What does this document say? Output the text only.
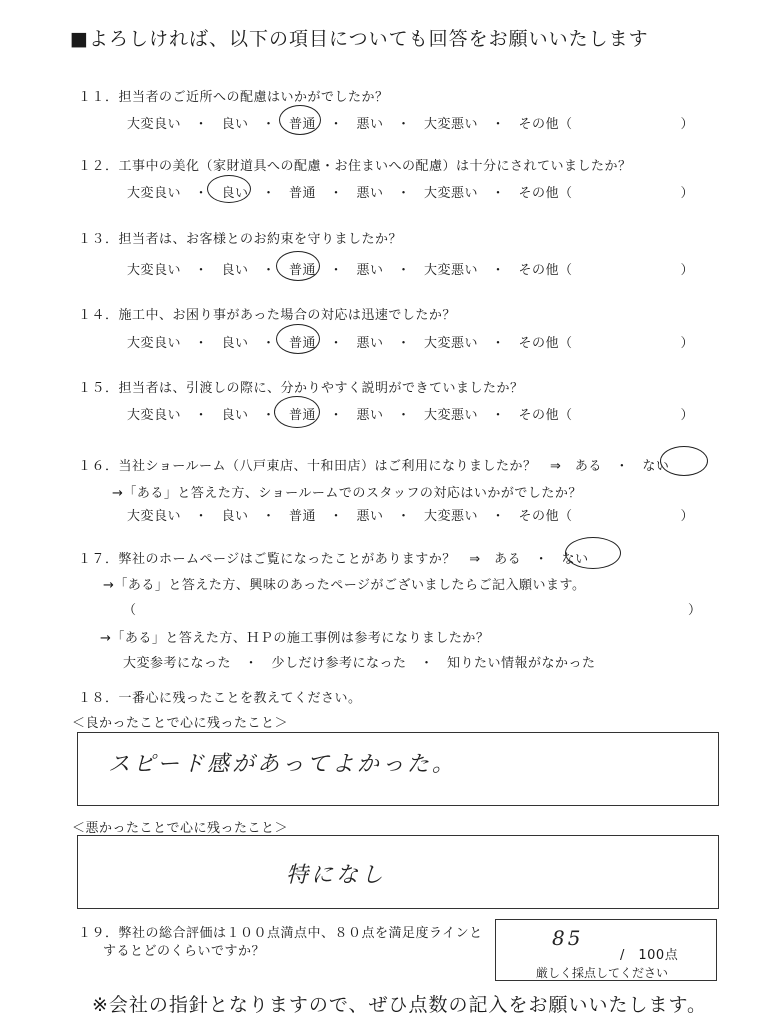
■よろしければ、以下の項目についても回答をお願いいたします
１１．担当者のご近所への配慮はいかがでしたか？
大変良い　・　良い　・　普通　・　悪い　・　大変悪い　・　その他（　　　　　　　　）
１２．工事中の美化（家財道具への配慮・お住まいへの配慮）は十分にされていましたか？
大変良い　・　良い　・　普通　・　悪い　・　大変悪い　・　その他（　　　　　　　　）
１３．担当者は、お客様とのお約束を守りましたか？
大変良い　・　良い　・　普通　・　悪い　・　大変悪い　・　その他（　　　　　　　　）
１４．施工中、お困り事があった場合の対応は迅速でしたか？
大変良い　・　良い　・　普通　・　悪い　・　大変悪い　・　その他（　　　　　　　　）
１５．担当者は、引渡しの際に、分かりやすく説明ができていましたか？
大変良い　・　良い　・　普通　・　悪い　・　大変悪い　・　その他（　　　　　　　　）
１６．当社ショールーム（八戸東店、十和田店）はご利用になりましたか？　⇒　ある　・　ない
→「ある」と答えた方、ショールームでのスタッフの対応はいかがでしたか？
大変良い　・　良い　・　普通　・　悪い　・　大変悪い　・　その他（　　　　　　　　）
１７．弊社のホームページはご覧になったことがありますか？　⇒　ある　・　ない
→「ある」と答えた方、興味のあったページがございましたらご記入願います。
（	）
→「ある」と答えた方、ＨＰの施工事例は参考になりましたか？
大変参考になった　・　少しだけ参考になった　・　知りたい情報がなかった
１８．一番心に残ったことを教えてください。
＜良かったことで心に残ったこと＞
スピード感があってよかった。
＜悪かったことで心に残ったこと＞
特になし
１９．弊社の総合評価は１００点満点中、８０点を満足度ラインと
するとどのくらいですか？
85
/　100点
厳しく採点してください
※会社の指針となりますので、ぜひ点数の記入をお願いいたします。
